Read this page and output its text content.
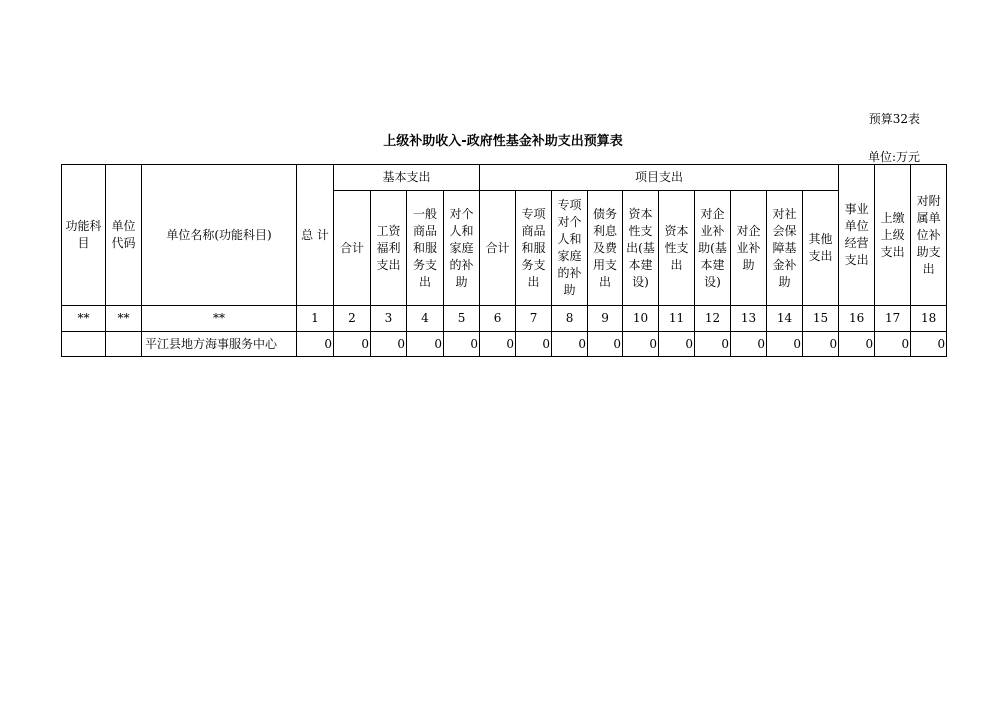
预算32表
上级补助收入-政府性基金补助支出预算表
单位:万元
功能科目	单位代码	单位名称(功能科目)	总 计	基本支出				项目支出										事业单位经营支出	上缴上级支出	对附属单位补助支出
				合计	工资福利支出	一般商品和服务支出	对个人和家庭的补助	合计	专项商品和服务支出	专项对个人和家庭的补助	债务利息及费用支出	资本性支出(基本建设)	资本性支出	对企业补助(基本建设)	对企业补助	对社会保障基金补助	其他支出			
**	**	**	1	2	3	4	5	6	7	8	9	10	11	12	13	14	15	16	17	18
		平江县地方海事服务中心	0	0	0	0	0	0	0	0	0	0	0	0	0	0	0	0	0	0
